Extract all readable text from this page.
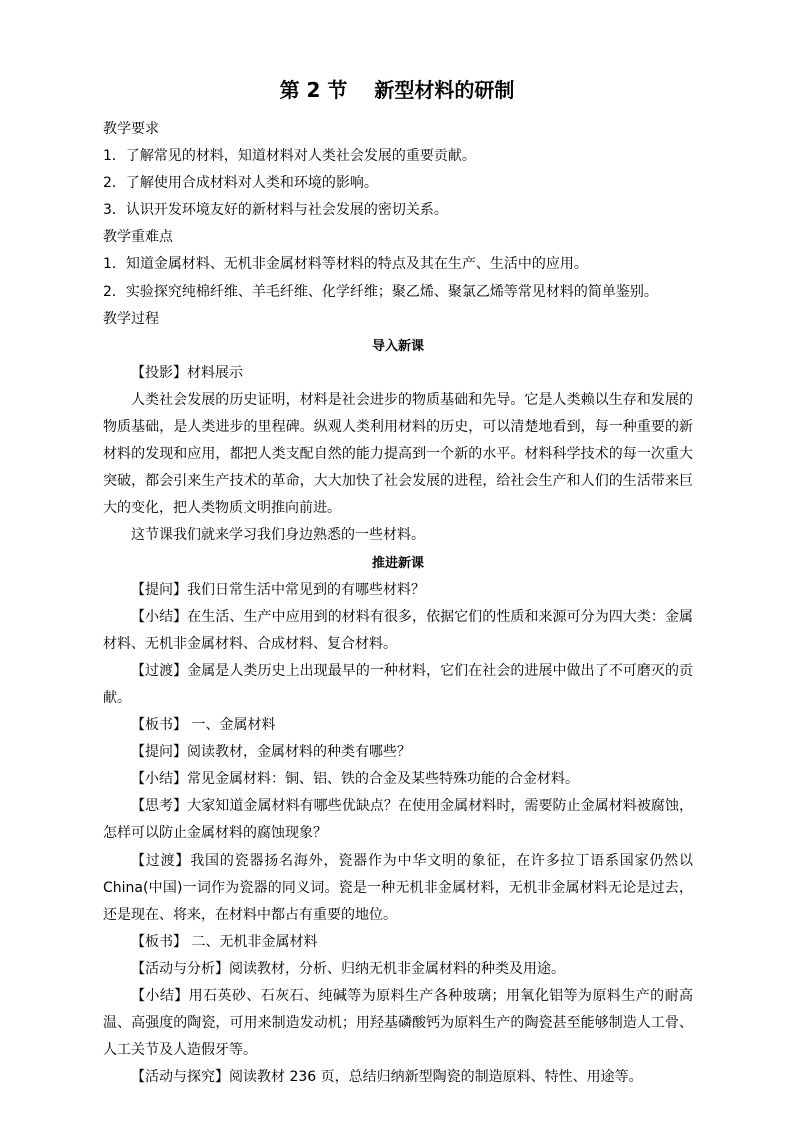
第 2 节　 新型材料的研制

教学要求

1．了解常见的材料，知道材料对人类社会发展的重要贡献。

2．了解使用合成材料对人类和环境的影响。

3．认识开发环境友好的新材料与社会发展的密切关系。

教学重难点

1．知道金属材料、无机非金属材料等材料的特点及其在生产、生活中的应用。

2．实验探究纯棉纤维、羊毛纤维、化学纤维；聚乙烯、聚氯乙烯等常见材料的简单鉴别。

教学过程

导入新课

【投影】材料展示

人类社会发展的历史证明，材料是社会进步的物质基础和先导。它是人类赖以生存和发展的物质基础，是人类进步的里程碑。纵观人类利用材料的历史，可以清楚地看到，每一种重要的新材料的发现和应用，都把人类支配自然的能力提高到一个新的水平。材料科学技术的每一次重大突破，都会引来生产技术的革命，大大加快了社会发展的进程，给社会生产和人们的生活带来巨大的变化，把人类物质文明推向前进。

这节课我们就来学习我们身边熟悉的一些材料。

推进新课

【提问】我们日常生活中常见到的有哪些材料？

【小结】在生活、生产中应用到的材料有很多，依据它们的性质和来源可分为四大类：金属材料、无机非金属材料、合成材料、复合材料。

【过渡】金属是人类历史上出现最早的一种材料，它们在社会的进展中做出了不可磨灭的贡献。

【板书】 一、金属材料

【提问】阅读教材，金属材料的种类有哪些？

【小结】常见金属材料：铜、铝、铁的合金及某些特殊功能的合金材料。

【思考】大家知道金属材料有哪些优缺点？在使用金属材料时，需要防止金属材料被腐蚀，怎样可以防止金属材料的腐蚀现象？

【过渡】我国的瓷器扬名海外，瓷器作为中华文明的象征，在许多拉丁语系国家仍然以 China(中国)一词作为瓷器的同义词。瓷是一种无机非金属材料，无机非金属材料无论是过去，还是现在、将来，在材料中都占有重要的地位。

【板书】 二、无机非金属材料

【活动与分析】阅读教材，分析、归纳无机非金属材料的种类及用途。

【小结】用石英砂、石灰石、纯碱等为原料生产各种玻璃；用氧化铝等为原料生产的耐高温、高强度的陶瓷，可用来制造发动机；用羟基磷酸钙为原料生产的陶瓷甚至能够制造人工骨、人工关节及人造假牙等。

【活动与探究】阅读教材 236 页，总结归纳新型陶瓷的制造原料、特性、用途等。
